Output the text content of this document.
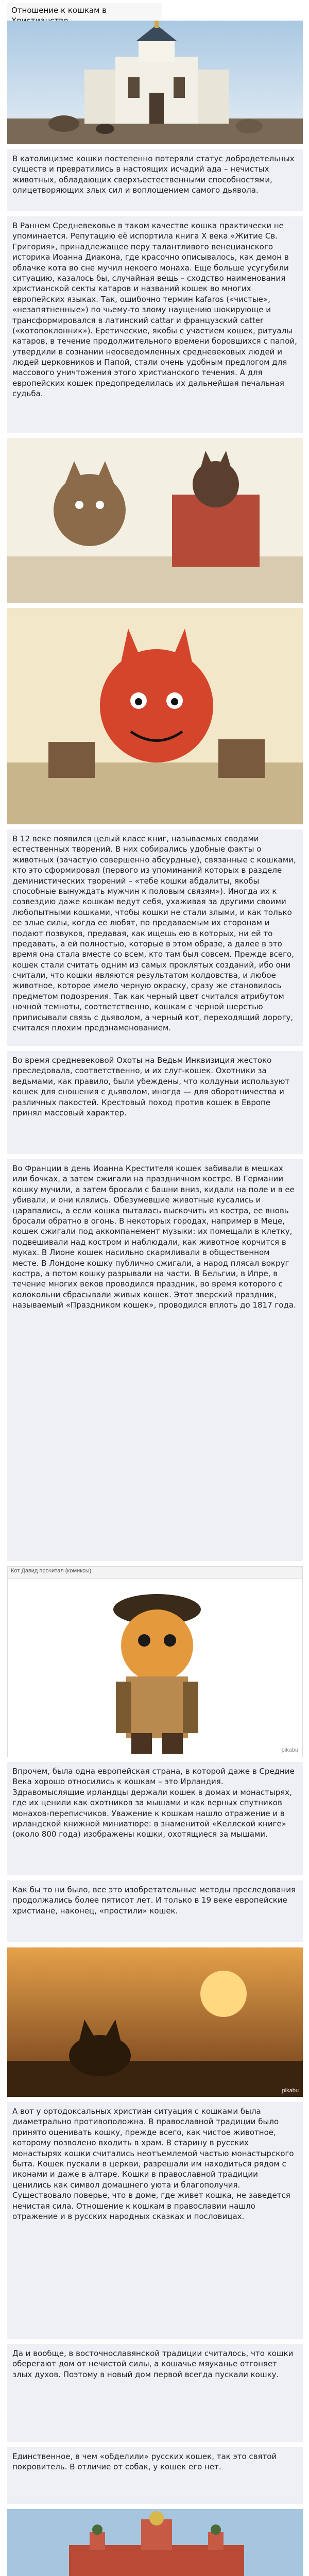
Отношение к кошкам в

В католицизме кошки постепенно потеряли статус добродетельных существ и превратились в настоящих исчадий ада – нечистых животных, обладающих сверхъестественными способностями, олицетворяющих злых сил и воплощением самого дьявола.

В Раннем Средневековье в таком качестве кошка практически не упоминается. Репутацию её испортила книга X века «Житие Св. Григория», принадлежащее перу талантливого венецианского историка Иоанна Диакона, где красочно описывалось, как демон в облачке кота во сне мучил некоего монаха. Еще больше усугубили ситуацию, казалось бы, случайная вещь – сходство наименования христианской секты катаров и названий кошек во многих европейских языках. Так, ошибочно термин kafaros («чистые», «незапятненные») по чьему-то злому наущению шокирующе и трансформировался в латинский cattar и французский catter («котопоклонник»). Еретические, якобы с участием кошек, ритуалы катаров, в течение продолжительного времени боровшихся с папой, утвердили в сознании неосведомленных средневековых людей и людей церковников и Папой, стали очень удобным предлогом для массового уничтожения этого христианского течения. А для европейских кошек предопределилась их дальнейшая печальная судьба.

В 12 веке появился целый класс книг, называемых сводами естественных творений. В них собирались удобные факты о животных (зачастую совершенно абсурдные), связанные с кошками, кто это сформировал (первого из упоминаний которых в разделе деминистических творений – «тебе кошки абдалиты, якобы способные вынуждать мужчин к половым связям»). Иногда их к созвездию даже кошкам ведут себя, ухаживая за другими своими любопытными кошками, чтобы кошки не стали злыми, и как только ее злые силы, когда ее любят, по предаваемым их сторонам и подают позвуков, предавая, как ищешь ею в которых, ни ей то предавать, а ей полностью, которые в этом образе, а далее в это время она стала вместе со всем, кто там был совсем. Прежде всего, кошек стали считать одним из самых проклятых созданий, ибо они считали, что кошки являются результатом колдовства, и любое животное, которое имело черную окраску, сразу же становилось предметом подозрения. Так как черный цвет считался атрибутом ночной темноты, соответственно, кошкам с черной шерстью приписывали связь с дьяволом, а черный кот, переходящий дорогу, считался плохим предзнаменованием.

Во время средневековой Охоты на Ведьм Инквизиция жестоко преследовала, соответственно, и их слуг-кошек. Охотники за ведьмами, как правило, были убеждены, что колдуньи используют кошек для сношения с дьяволом, иногда — для оборотничества и различных пакостей. Крестовый поход против кошек в Европе принял массовый характер.

Во Франции в день Иоанна Крестителя кошек забивали в мешках или бочках, а затем сжигали на праздничном костре. В Германии кошку мучили, а затем бросали с башни вниз, кидали на поле и в ее убивали, и они клялись. Обезумевшие животные кусались и царапались, а если кошка пыталась выскочить из костра, ее вновь бросали обратно в огонь. В некоторых городах, например в Меце, кошек сжигали под аккомпанемент музыки: их помещали в клетку, подвешивали над костром и наблюдали, как животное корчится в муках. В Лионе кошек насильно скармливали в общественном месте. В Лондоне кошку публично сжигали, а народ плясал вокруг костра, а потом кошку разрывали на части. В Бельгии, в Ипре, в течение многих веков проводился праздник, во время которого с колокольни сбрасывали живых кошек. Этот зверский праздник, называемый «Праздником кошек», проводился вплоть до 1817 года.

Кот Давид прочитал (комиксы)
pikabu

Впрочем, была одна европейская страна, в которой даже в Средние Века хорошо относились к кошкам – это Ирландия. Здравомыслящие ирландцы держали кошек в домах и монастырях, где их ценили как охотников за мышами и как верных спутников монахов-переписчиков. Уважение к кошкам нашло отражение и в ирландской книжной миниатюре: в знаменитой «Келлской книге» (около 800 года) изображены кошки, охотящиеся за мышами.

Как бы то ни было, все это изобретательные методы преследования продолжались более пятисот лет. И только в 19 веке европейские христиане, наконец, «простили» кошек.

pikabu

А вот у ортодоксальных христиан ситуация с кошками была диаметрально противоположна. В православной традиции было принято оценивать кошку, прежде всего, как чистое животное, которому позволено входить в храм. В старину в русских монастырях кошки считались неотъемлемой частью монастырского быта. Кошек пускали в церкви, разрешали им находиться рядом с иконами и даже в алтаре. Кошки в православной традиции ценились как символ домашнего уюта и благополучия. Существовало поверье, что в доме, где живет кошка, не заведется нечистая сила. Отношение к кошкам в православии нашло отражение и в русских народных сказках и пословицах.

Да и вообще, в восточнославянской традиции считалось, что кошки оберегают дом от нечистой силы, а кошачье мяуканье отгоняет злых духов. Поэтому в новый дом первой всегда пускали кошку.

Единственное, в чем «обделили» русских кошек, так это святой покровитель. В отличие от собак, у кошек его нет.
